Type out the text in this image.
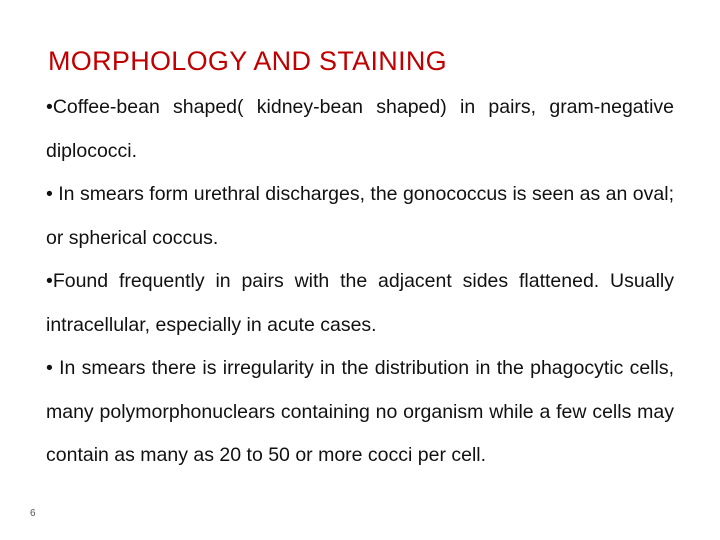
MORPHOLOGY AND STAINING

•Coffee-bean shaped( kidney-bean shaped) in pairs, gram-negative diplococci.

• In smears form urethral discharges, the gonococcus is seen as an oval; or spherical coccus.

•Found frequently in pairs with the adjacent sides flattened. Usually intracellular, especially in acute cases.

• In smears there is irregularity in the distribution in the phagocytic cells, many polymorphonuclears containing no organism while a few cells may contain as many as 20 to 50 or more cocci per cell.

6
